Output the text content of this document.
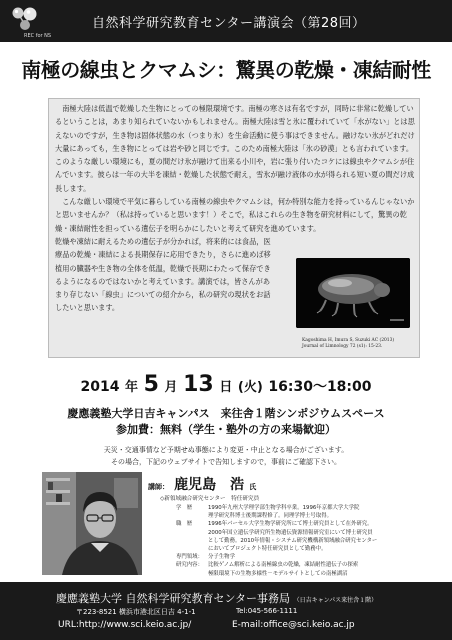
REC for NS
自然科学研究教育センター講演会（第28回）
南極の線虫とクマムシ：驚異の乾燥・凍結耐性

南極大陸は低温で乾燥した生物にとっての極限環境です。南極の寒さは有名ですが，同時に非常に乾燥しているということは，あまり知られていないかもしれません。南極大陸は雪と氷に覆われていて「水がない」とは思えないのですが，生き物は固体状態の水（つまり氷）を生命活動に使う事はできません。融けない氷がどれだけ大量にあっても，生き物にとっては岩や砂と同じです。このため南極大陸は「氷の砂漠」とも言われています。このような厳しい環境にも，夏の間だけ氷が融けて出来る小川や，岩に張り付いたコケには線虫やクマムシが住んでいます。彼らは一年の大半を凍結・乾燥した状態で耐え，雪氷が融け液体の水が得られる短い夏の間だけ成長します。

こんな厳しい環境で平気に暮らしている南極の線虫やクマムシは，何か特別な能力を持っているんじゃないかと思いませんか？（私は持っていると思います！）そこで，私はこれらの生き物を研究材料にして，驚異の乾燥・凍結耐性を担っている遺伝子を明らかにしたいと考えて研究を進めています。

乾燥や凍結に耐えるための遺伝子が分かれば，将来的には食品，医療品の乾燥・凍結による長期保存に応用できたり，さらに進めば移植用の臓器や生き物の全体を低温，乾燥で長期にわたって保存できるようになるのではないかと考えています。講演では，皆さんがあまり存じない「線虫」についての紹介から，私の研究の現状をお話したいと思います。

Kagoshima H, Imura S, Suzuki AC (2013)
Journal of Limnology 72 (s1): 15-23.
2014 年 5 月 13 日 (火) 16:30～18:00
慶應義塾大学日吉キャンパス　来往舎１階シンポジウムスペース
参加費：無料（学生・塾外の方の来場歓迎）
天災・交通事情など予期せぬ事態により変更・中止となる場合がございます。
その場合，下記のウェブサイトで告知しますので，事前にご確認下さい。
講師： 鹿児島　浩 氏
◇新領域融合研究センター　特任研究員
学　歴	1990年九州大学理学部生物学科卒業。1996年京都大学大学院
理学研究科博士後期課程修了。同理学博士号取得。
職　歴	1996年パーセル大学生物学研究所にて博士研究員として在外研究。
2000年国立遺伝学研究所生物遺伝資源情報研究室にいて博士研究員
として勤務。2010年情報・システム研究機構新領域融合研究センター
においてプロジェクト特任研究員として勤務中。
専門領域： 分子生物学
研究内容： 比較ゲノム解析による南極線虫の乾燥，凍結耐性遺伝子の探索
極限環境下の生物多様性－モデルサイトとしての南極湖沼
慶應義塾大学 自然科学研究教育センター事務局 （日吉キャンパス来往舎１階）
〒223-8521 横浜市港北区日吉 4-1-1	Tel:045-566-1111
URL:http://www.sci.keio.ac.jp/	E-mail:office@sci.keio.ac.jp
